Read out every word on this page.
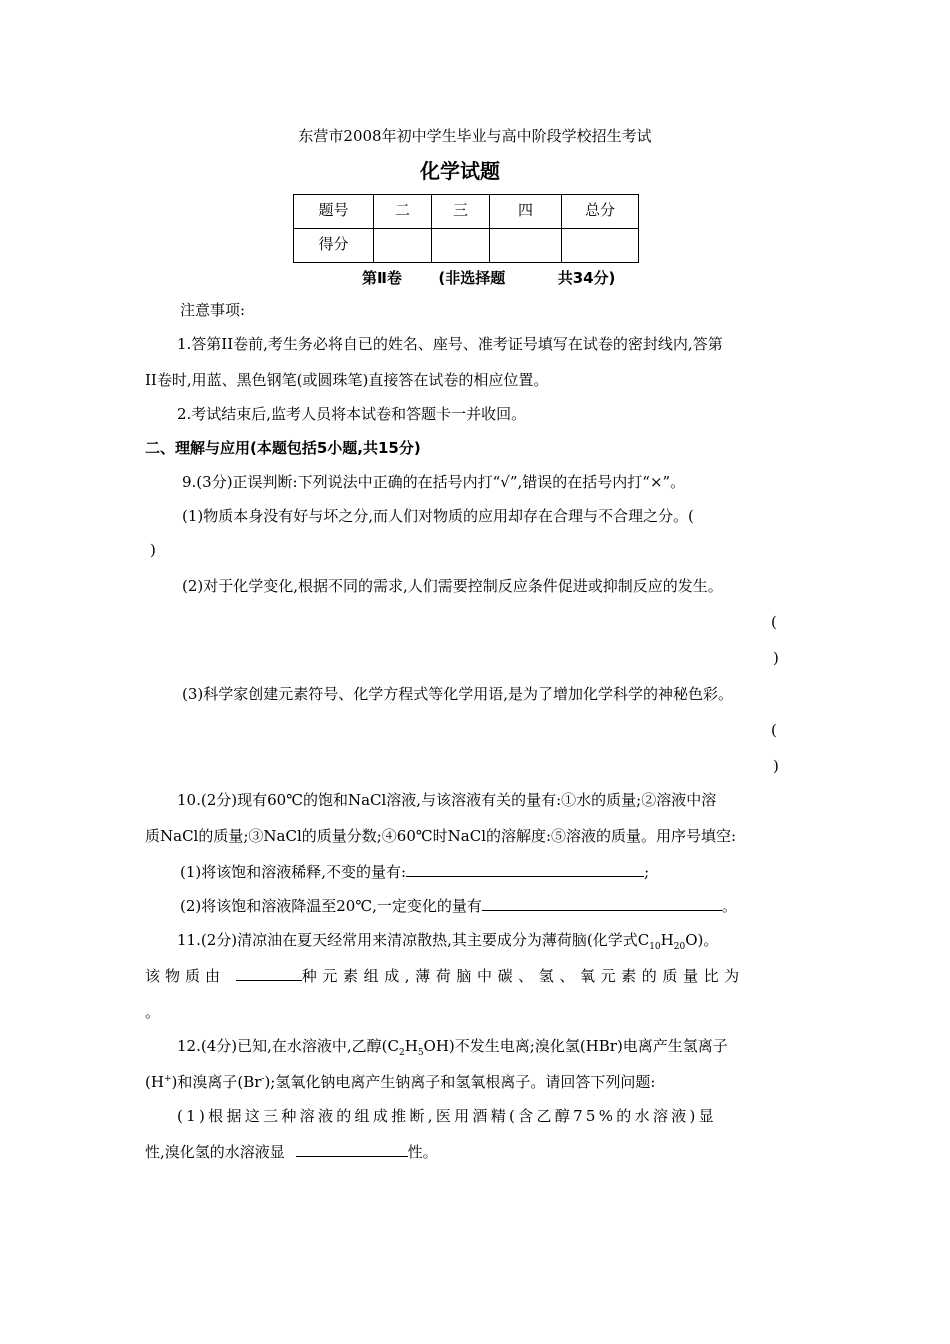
东营市2008年初中学生毕业与高中阶段学校招生考试
化学试题
题号	二	三	四	总分
得分				
第Ⅱ卷 (非选择题	共34分)
注意事项:
1.答第II卷前,考生务必将自已的姓名、座号、准考证号填写在试卷的密封线内,答第
II卷时,用蓝、黑色钢笔(或圆珠笔)直接答在试卷的相应位置。
2.考试结束后,监考人员将本试卷和答题卡一并收回。
二、理解与应用(本题包括5小题,共15分)
9.(3分)正误判断:下列说法中正确的在括号内打“√”,错误的在括号内打“×”。
(1)物质本身没有好与坏之分,而人们对物质的应用却存在合理与不合理之分。(
)
(2)对于化学变化,根据不同的需求,人们需要控制反应条件促进或抑制反应的发生。
(
)
(3)科学家创建元素符号、化学方程式等化学用语,是为了增加化学科学的神秘色彩。
(
)
10.(2分)现有60℃的饱和NaCl溶液,与该溶液有关的量有:①水的质量;②溶液中溶
质NaCl的质量;③NaCl的质量分数;④60℃时NaCl的溶解度:⑤溶液的质量。用序号填空:
(1)将该饱和溶液稀释,不变的量有:	;
(2)将该饱和溶液降温至20℃,一定变化的量有	。
11.(2分)清凉油在夏天经常用来清凉散热,其主要成分为薄荷脑(化学式$C_{10}H_{20}O$)。
该物质由	种元素组成,薄荷脑中碳、氢、氧元素的质量比为
。
12.(4分)已知,在水溶液中,乙醇$(C_2H_5OH)$不发生电离;溴化氢(HBr)电离产生氢离子
(H+)和溴离子(Br-);氢氧化钠电离产生钠离子和氢氧根离子。请回答下列问题:
(1)根据这三种溶液的组成推断,医用酒精(含乙醇75%的水溶液)显
性,溴化氢的水溶液显	性。
